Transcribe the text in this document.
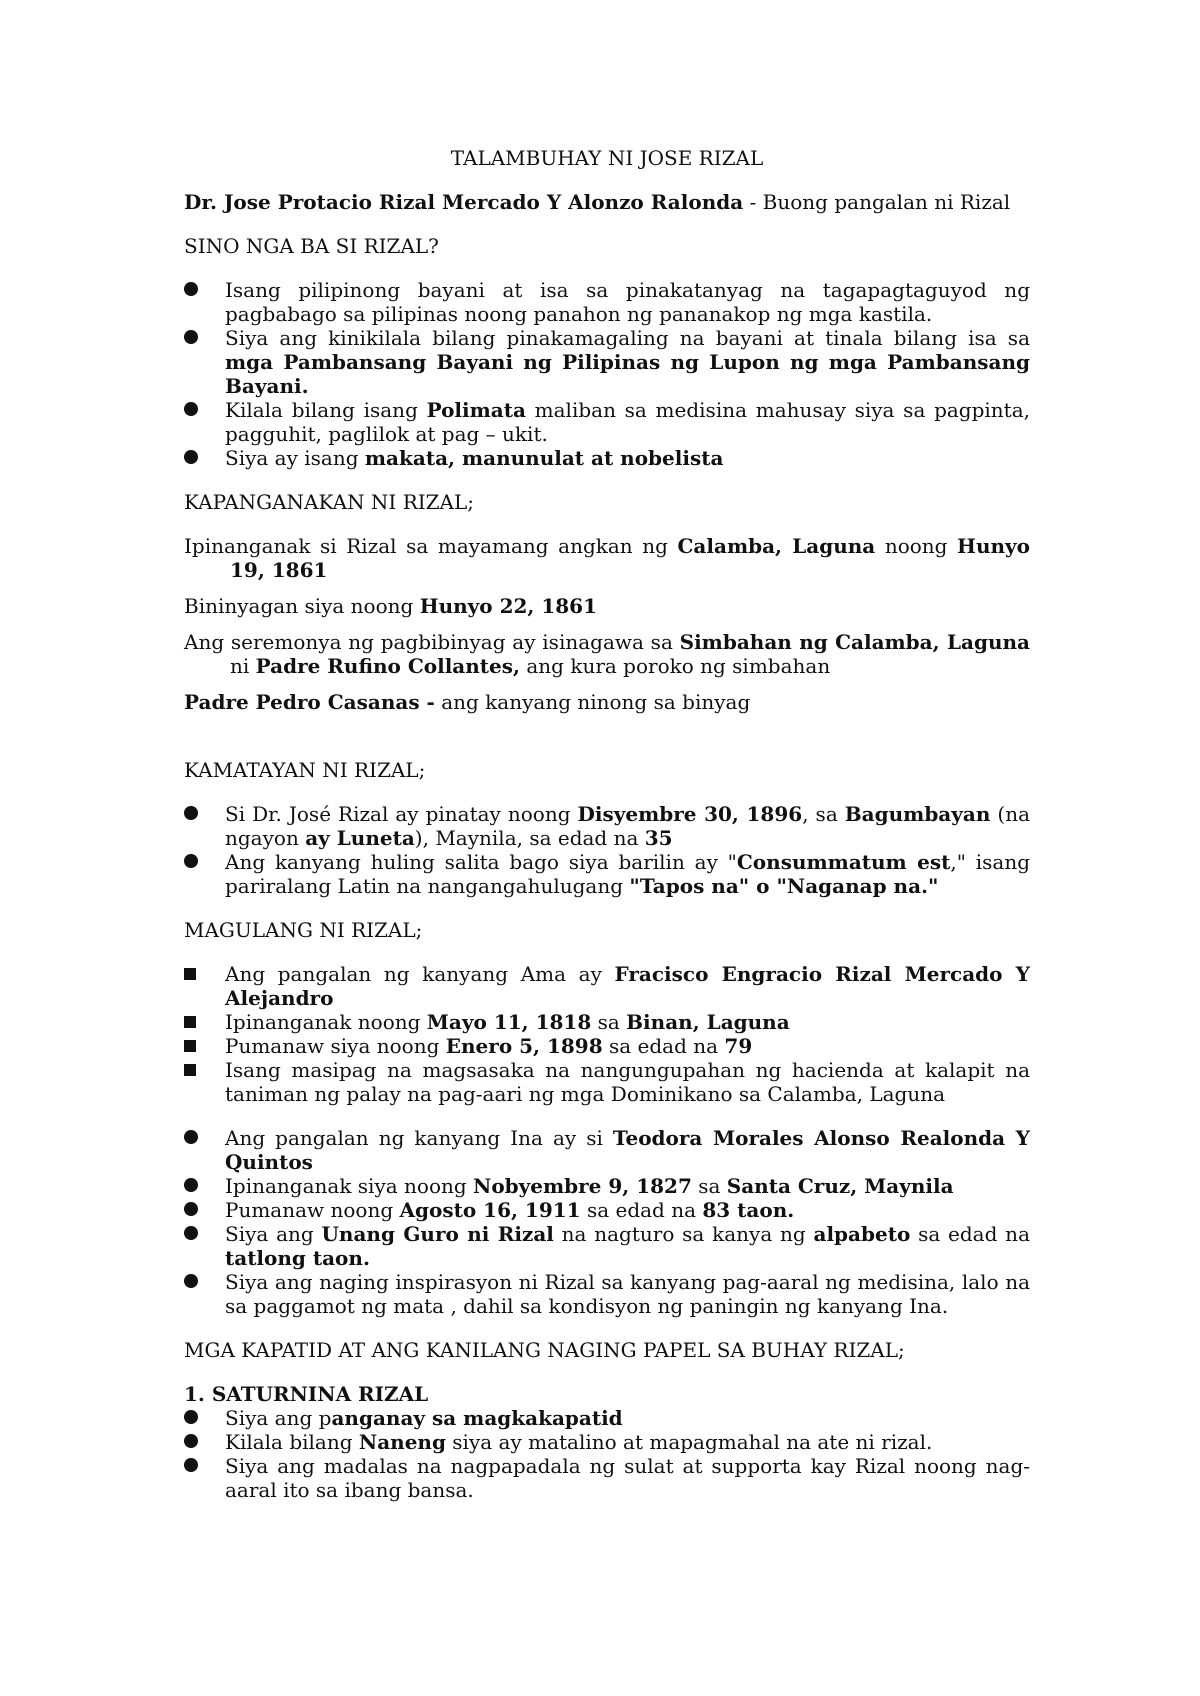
TALAMBUHAY NI JOSE RIZAL
Dr. Jose Protacio Rizal Mercado Y Alonzo Ralonda - Buong pangalan ni Rizal
SINO NGA BA SI RIZAL?
Isang pilipinong bayani at isa sa pinakatanyag na tagapagtaguyod ng pagbabago sa pilipinas noong panahon ng pananakop ng mga kastila.
Siya ang kinikilala bilang pinakamagaling na bayani at tinala bilang isa sa mga Pambansang Bayani ng Pilipinas ng Lupon ng mga Pambansang Bayani.
Kilala bilang isang Polimata maliban sa medisina mahusay siya sa pagpinta, pagguhit, paglilok at pag – ukit.
Siya ay isang makata, manunulat at nobelista
KAPANGANAKAN NI RIZAL;
Ipinanganak si Rizal sa mayamang angkan ng Calamba, Laguna noong Hunyo 19, 1861
Bininyagan siya noong Hunyo 22, 1861
Ang seremonya ng pagbibinyag ay isinagawa sa Simbahan ng Calamba, Laguna ni Padre Rufino Collantes, ang kura poroko ng simbahan
Padre Pedro Casanas - ang kanyang ninong sa binyag
KAMATAYAN NI RIZAL;
Si Dr. José Rizal ay pinatay noong Disyembre 30, 1896, sa Bagumbayan (na ngayon ay Luneta), Maynila, sa edad na 35
Ang kanyang huling salita bago siya barilin ay "Consummatum est," isang pariralang Latin na nangangahulugang "Tapos na" o "Naganap na."
MAGULANG NI RIZAL;
Ang pangalan ng kanyang Ama ay Fracisco Engracio Rizal Mercado Y Alejandro
Ipinanganak noong Mayo 11, 1818 sa Binan, Laguna
Pumanaw siya noong Enero 5, 1898 sa edad na 79
Isang masipag na magsasaka na nangungupahan ng hacienda at kalapit na taniman ng palay na pag-aari ng mga Dominikano sa Calamba, Laguna
Ang pangalan ng kanyang Ina ay si Teodora Morales Alonso Realonda Y Quintos
Ipinanganak siya noong Nobyembre 9, 1827 sa Santa Cruz, Maynila
Pumanaw noong Agosto 16, 1911 sa edad na 83 taon.
Siya ang Unang Guro ni Rizal na nagturo sa kanya ng alpabeto sa edad na tatlong taon.
Siya ang naging inspirasyon ni Rizal sa kanyang pag-aaral ng medisina, lalo na sa paggamot ng mata , dahil sa kondisyon ng paningin ng kanyang Ina.
MGA KAPATID AT ANG KANILANG NAGING PAPEL SA BUHAY RIZAL;
1. SATURNINA RIZAL
Siya ang panganay sa magkakapatid
Kilala bilang Naneng siya ay matalino at mapagmahal na ate ni rizal.
Siya ang madalas na nagpapadala ng sulat at supporta kay Rizal noong nag-aaral ito sa ibang bansa.
